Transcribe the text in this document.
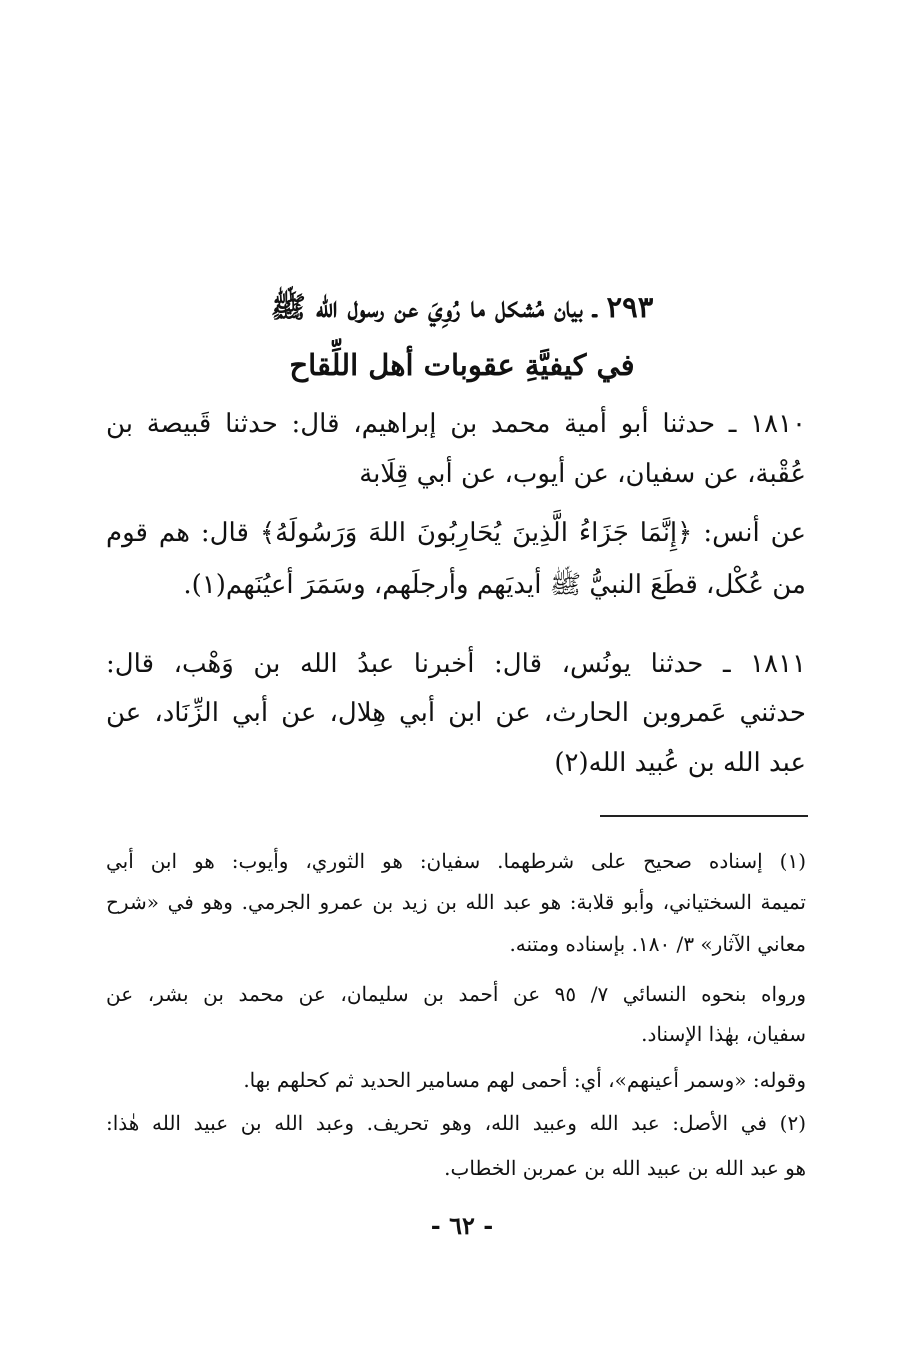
٢٩٣ ـ بيان مُشكل ما رُوِيَ عن رسول الله ﷺ
في كيفيَّةِ عقوبات أهل اللِّقاح
١٨١٠ ـ حدثنا أبو أمية محمد بن إبراهيم، قال: حدثنا قَبيصة بن
عُقْبة، عن سفيان، عن أيوب، عن أبي قِلَابة
عن أنس: ﴿إِنَّمَا جَزَاءُ الَّذِينَ يُحَارِبُونَ اللهَ وَرَسُولَهُ﴾ قال: هم قوم
من عُكْل، قطَعَ النبيُّ ﷺ أيديَهم وأرجلَهم، وسَمَرَ أعيُنَهم(١).
١٨١١ ـ حدثنا يونُس، قال: أخبرنا عبدُ الله بن وَهْب، قال:
حدثني عَمروبن الحارث، عن ابن أبي هِلال، عن أبي الزِّنَاد، عن
عبد الله بن عُبيد الله(٢)
(١) إسناده صحيح على شرطهما. سفيان: هو الثوري، وأيوب: هو ابن أبي
تميمة السختياني، وأبو قلابة: هو عبد الله بن زيد بن عمرو الجرمي. وهو في «شرح
معاني الآثار» ٣/ ١٨٠. بإسناده ومتنه.
ورواه بنحوه النسائي ٧/ ٩٥ عن أحمد بن سليمان، عن محمد بن بشر، عن
سفيان، بهٰذا الإسناد.
وقوله: «وسمر أعينهم»، أي: أحمى لهم مسامير الحديد ثم كحلهم بها.
(٢) في الأصل: عبد الله وعبيد الله، وهو تحريف. وعبد الله بن عبيد الله هٰذا:
هو عبد الله بن عبيد الله بن عمربن الخطاب.
- ٦٢ -
